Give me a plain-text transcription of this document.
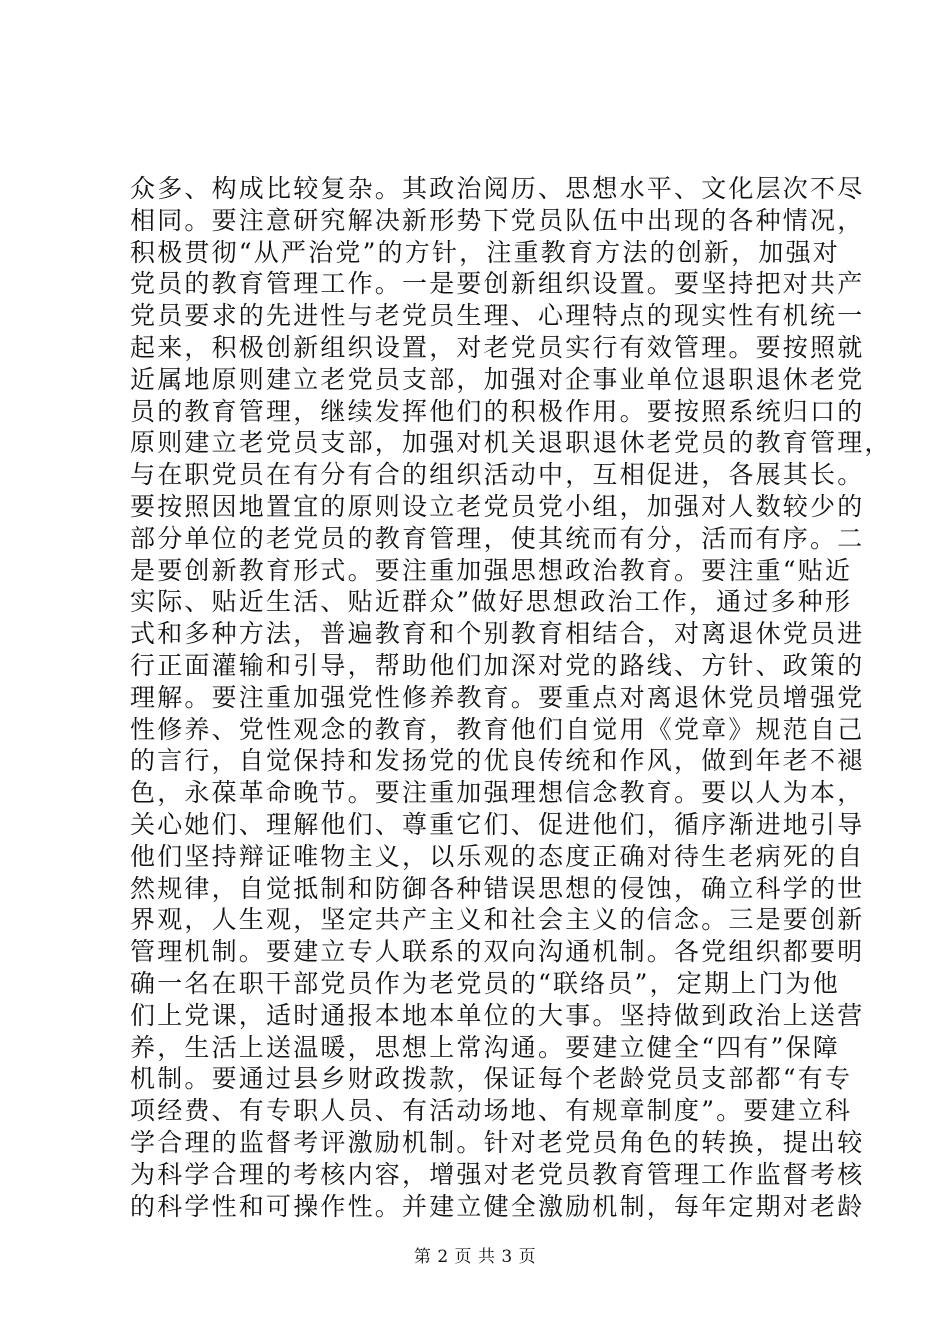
众多、构成比较复杂。其政治阅历、思想水平、文化层次不尽
相同。要注意研究解决新形势下党员队伍中出现的各种情况，
积极贯彻“从严治党”的方针，注重教育方法的创新，加强对
党员的教育管理工作。一是要创新组织设置。要坚持把对共产
党员要求的先进性与老党员生理、心理特点的现实性有机统一
起来，积极创新组织设置，对老党员实行有效管理。要按照就
近属地原则建立老党员支部，加强对企事业单位退职退休老党
员的教育管理，继续发挥他们的积极作用。要按照系统归口的
原则建立老党员支部，加强对机关退职退休老党员的教育管理，
与在职党员在有分有合的组织活动中，互相促进，各展其长。
要按照因地置宜的原则设立老党员党小组，加强对人数较少的
部分单位的老党员的教育管理，使其统而有分，活而有序。二
是要创新教育形式。要注重加强思想政治教育。要注重“贴近
实际、贴近生活、贴近群众”做好思想政治工作，通过多种形
式和多种方法，普遍教育和个别教育相结合，对离退休党员进
行正面灌输和引导，帮助他们加深对党的路线、方针、政策的
理解。要注重加强党性修养教育。要重点对离退休党员增强党
性修养、党性观念的教育，教育他们自觉用《党章》规范自己
的言行，自觉保持和发扬党的优良传统和作风，做到年老不褪
色，永葆革命晚节。要注重加强理想信念教育。要以人为本，
关心她们、理解他们、尊重它们、促进他们，循序渐进地引导
他们坚持辩证唯物主义，以乐观的态度正确对待生老病死的自
然规律，自觉抵制和防御各种错误思想的侵蚀，确立科学的世
界观，人生观，坚定共产主义和社会主义的信念。三是要创新
管理机制。要建立专人联系的双向沟通机制。各党组织都要明
确一名在职干部党员作为老党员的“联络员”，定期上门为他
们上党课，适时通报本地本单位的大事。坚持做到政治上送营
养，生活上送温暖，思想上常沟通。要建立健全“四有”保障
机制。要通过县乡财政拨款，保证每个老龄党员支部都“有专
项经费、有专职人员、有活动场地、有规章制度”。要建立科
学合理的监督考评激励机制。针对老党员角色的转换，提出较
为科学合理的考核内容，增强对老党员教育管理工作监督考核
的科学性和可操作性。并建立健全激励机制，每年定期对老龄
第 2 页 共 3 页
